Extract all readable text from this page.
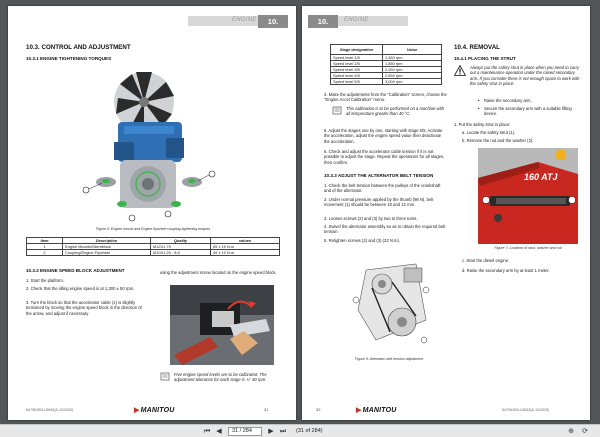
ENGINE	10.
10.3. CONTROL AND ADJUSTMENT
10.3.1 ENGINE TIGHTENING TORQUES
Figure 5: Engine mount and Engine flywheel coupling tightening torques
Item	Description	Quality	values
1	Engine Mounts/Silentblock	M12X1.75	69 ± 10 N.m
2	Coupling/Engine Flywheel	M10X1.25 - 8.8	49 ± 10 N.m
10.3.2 ENGINE SPEED BLOCK ADJUSTMENT
1. Start the platform.
2. Check that the idling engine speed is at 1,300 ± 50 rpm.
3. Turn the block so that the accelerator cable (1) is slightly tensioned by moving the engine speed block in the direction of the arrow, and adjust if necessary
using the adjustment screw located on the engine speed block.
Five engine speed levels are to be calibrated. The adjustment tolerance for each stage is +/- 50 rpm.
647961EN-UDM3(A-12/2020)	▶MANITOU	31
10.	ENGINE
Stage designation	Value
Speed level 1/5	1,450 rpm
Speed level 2/5	1,850 rpm
Speed level 3/5	2,250 rpm
Speed level 4/5	2,650 rpm
Speed level 5/5	3,000 rpm
4. Make the adjustments from the "Calibration" screen, choose the "Engine Accel Calibration" menu.
This calibration is to be performed on a machine with all temperature greater than 40 °C.
5. Adjust the stages one by one, starting with stage 5/5. Activate the acceleration, adjust the engine speed value then deactivate the acceleration.
6. Check and adjust the accelerator cable tension if it is not possible to adjust the stage. Repeat the operations for all stages, then confirm.
10.3.3 ADJUST THE ALTERNATOR BELT TENSION
1. Check the belt tension between the pulleys of the crankshaft and of the alternator.
2. Under normal pressure applied by the thumb (98 N), belt movement (1) should be between 10 and 12 mm.
3. Loosen screws (2) and (3) by two to three turns.
4. Swivel the alternator assembly so as to obtain the required belt tension.
5. Retighten screws (2) and (3) (22 N.m).
Figure 6: Alternator belt tension adjustment
10.4. REMOVAL
10.4.1 PLACING THE STRUT
Always put the safety strut in place when you need to carry out a maintenance operation under the raised secondary arm. If you consider there is not enough space to work with the safety strut in place:
• Raise the secondary arm,
• Secure the secondary arm with a suitable lifting device.
1. Put the safety strut in place:
a. Locate the safety strut (1).
b. Remove the nut and the washer (2).
160 ATJ
Figure 7: Location of strut, washer and nut
c. Start the diesel engine.
d. Raise the secondary arm by at least 1 meter.
32	▶MANITOU	647961EN-UDM3(A-12/2020)
⏮ ◀	31 / 284	▶ ⏭	(31 of 284)	⊕ ⟳
